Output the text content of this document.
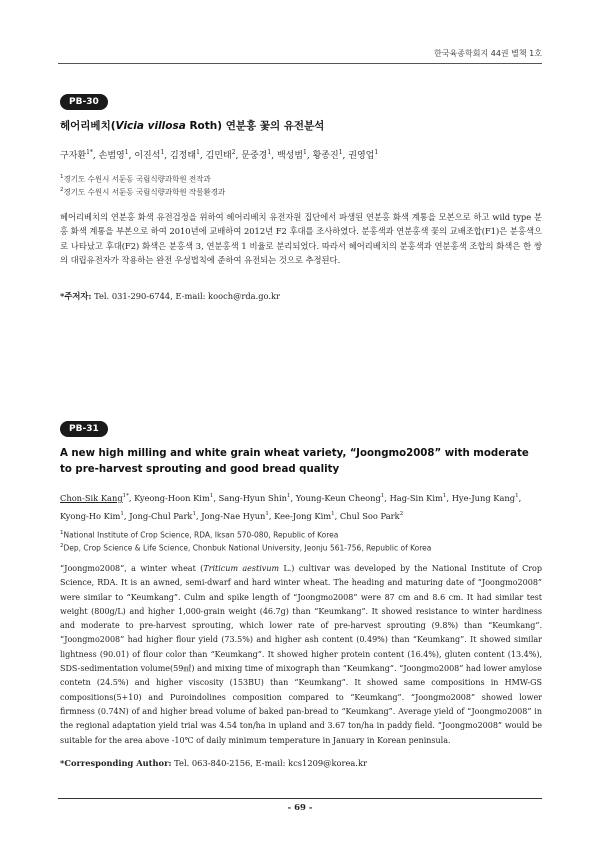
한국육종학회지 44권 별책 1호
PB-30
헤어리베치(Vicia villosa Roth) 연분홍 꽃의 유전분석
구자환$^{1*}$, 손범영$^1$, 이진석$^1$, 김정태$^1$, 김민태$^2$, 문중경$^1$, 백성범$^1$, 황종진$^1$, 권영업$^1$
$^1$경기도 수원시 서둔동 국립식량과학원 전작과
$^2$경기도 수원시 서둔동 국립식량과학원 작물환경과
헤어리베치의 연분홍 화색 유전검정을 위하여 헤어리베치 유전자원 집단에서 파생된 연분홍 화색 계통을 모본으로 하고 wild type 분홍 화색 계통을 부본으로 하여 2010년에 교배하여 2012년 F2 후대를 조사하였다. 분홍색과 연분홍색 꽃의 교배조합(F1)은 분홍색으로 나타났고 후대(F2) 화색은 분홍색 3, 연분홍색 1 비율로 분리되었다. 따라서 헤어리베치의 분홍색과 연분홍색 조합의 화색은 한 쌍의 대립유전자가 작용하는 완전 우성법칙에 준하여 유전되는 것으로 추정된다.
*주저자: Tel. 031-290-6744, E-mail: kooch@rda.go.kr
PB-31
A new high milling and white grain wheat variety, “Joongmo2008” with moderate to pre-harvest sprouting and good bread quality
Chon-Sik Kang$^{1*}$, Kyeong-Hoon Kim$^1$, Sang-Hyun Shin$^1$, Young-Keun Cheong$^1$, Hag-Sin Kim$^1$, Hye-Jung Kang$^1$, Kyong-Ho Kim$^1$, Jong-Chul Park$^1$, Jong-Nae Hyun$^1$, Kee-Jong Kim$^1$, Chul Soo Park$^2$
$^1$National Institute of Crop Science, RDA, Iksan 570-080, Republic of Korea
$^2$Dep, Crop Science & Life Science, Chonbuk National University, Jeonju 561-756, Republic of Korea
“Joongmo2008”, a winter wheat (Triticum aestivum L.) cultivar was developed by the National Institute of Crop Science, RDA. It is an awned, semi-dwarf and hard winter wheat. The heading and maturing date of “Joongmo2008” were similar to “Keumkang”. Culm and spike length of “Joongmo2008” were 87 cm and 8.6 cm. It had similar test weight (800g/L) and higher 1,000-grain weight (46.7g) than “Keumkang”. It showed resistance to winter hardiness and moderate to pre-harvest sprouting, which lower rate of pre-harvest sprouting (9.8%) than “Keumkang”. “Joongmo2008” had higher flour yield (73.5%) and higher ash content (0.49%) than “Keumkang”. It showed similar lightness (90.01) of flour color than “Keumkang”. It showed higher protein content (16.4%), gluten content (13.4%), SDS-sedimentation volume(59㎖) and mixing time of mixograph than “Keumkang”. “Joongmo2008” had lower amylose contetn (24.5%) and higher viscosity (153BU) than “Keumkang”. It showed same compositions in HMW-GS compositions(5+10) and Puroindolines composition compared to “Keumkang”. “Joongmo2008” showed lower firmness (0.74N) of and higher bread volume of baked pan-bread to “Keumkang”. Average yield of “Joongmo2008” in the regional adaptation yield trial was 4.54 ton/ha in upland and 3.67 ton/ha in paddy field. “Joongmo2008” would be suitable for the area above -10℃ of daily minimum temperature in January in Korean peninsula.
*Corresponding Author: Tel. 063-840-2156, E-mail: kcs1209@korea.kr
- 69 -
